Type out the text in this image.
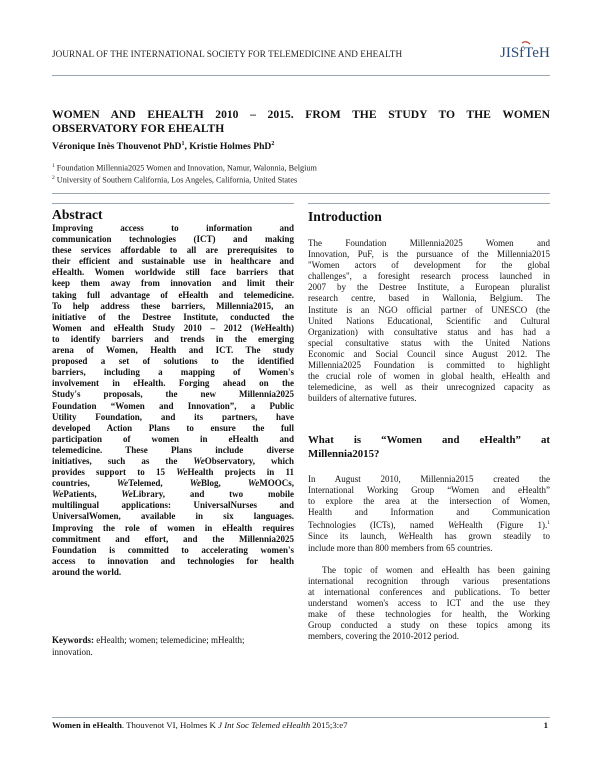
JOURNAL OF THE INTERNATIONAL SOCIETY FOR TELEMEDICINE AND EHEALTH	JISfTeH
WOMEN AND EHEALTH 2010 – 2015. FROM THE STUDY TO THE WOMEN
OBSERVATORY FOR EHEALTH
Véronique Inès Thouvenot PhD$^1$, Kristie Holmes PhD$^2$
$^1$ Foundation Millennia2025 Women and Innovation, Namur, Walonnia, Belgium
$^2$ University of Southern California, Los Angeles, California, United States
Abstract
Improving access to information and
communication technologies (ICT) and making
these services affordable to all are prerequisites to
their efficient and sustainable use in healthcare and
eHealth. Women worldwide still face barriers that
keep them away from innovation and limit their
taking full advantage of eHealth and telemedicine.
To help address these barriers, Millennia2015, an
initiative of the Destree Institute, conducted the
Women and eHealth Study 2010 – 2012 (WeHealth)
to identify barriers and trends in the emerging
arena of Women, Health and ICT. The study
proposed a set of solutions to the identified
barriers, including a mapping of Women's
involvement in eHealth. Forging ahead on the
Study's proposals, the new Millennia2025
Foundation “Women and Innovation”, a Public
Utility Foundation, and its partners, have
developed Action Plans to ensure the full
participation of women in eHealth and
telemedicine. These Plans include diverse
initiatives, such as the WeObservatory, which
provides support to 15 WeHealth projects in 11
countries, WeTelemed, WeBlog, WeMOOCs,
WePatients, WeLibrary, and two mobile
multilingual applications: UniversalNurses and
UniversalWomen, available in six languages.
Improving the role of women in eHealth requires
commitment and effort, and the Millennia2025
Foundation is committed to accelerating women's
access to innovation and technologies for health
around the world.
Keywords: eHealth; women; telemedicine; mHealth;
innovation.
Introduction
The Foundation Millennia2025 Women and
Innovation, PuF, is the pursuance of the Millennia2015
"Women actors of development for the global
challenges", a foresight research process launched in
2007 by the Destree Institute, a European pluralist
research centre, based in Wallonia, Belgium. The
Institute is an NGO official partner of UNESCO (the
United Nations Educational, Scientific and Cultural
Organization) with consultative status and has had a
special consultative status with the United Nations
Economic and Social Council since August 2012. The
Millennia2025 Foundation is committed to highlight
the crucial role of women in global health, eHealth and
telemedicine, as well as their unrecognized capacity as
builders of alternative futures.
What is “Women and eHealth” at
Millennia2015?
In August 2010, Millennia2015 created the
International Working Group “Women and eHealth”
to explore the area at the intersection of Women,
Health and Information and Communication
Technologies (ICTs), named WeHealth (Figure 1).$^1$
Since its launch, WeHealth has grown steadily to
include more than 800 members from 65 countries.
The topic of women and eHealth has been gaining
international recognition through various presentations
at international conferences and publications. To better
understand women's access to ICT and the use they
make of these technologies for health, the Working
Group conducted a study on these topics among its
members, covering the 2010-2012 period.
Women in eHealth. Thouvenot VI, Holmes K J Int Soc Telemed eHealth 2015;3:e7	1
